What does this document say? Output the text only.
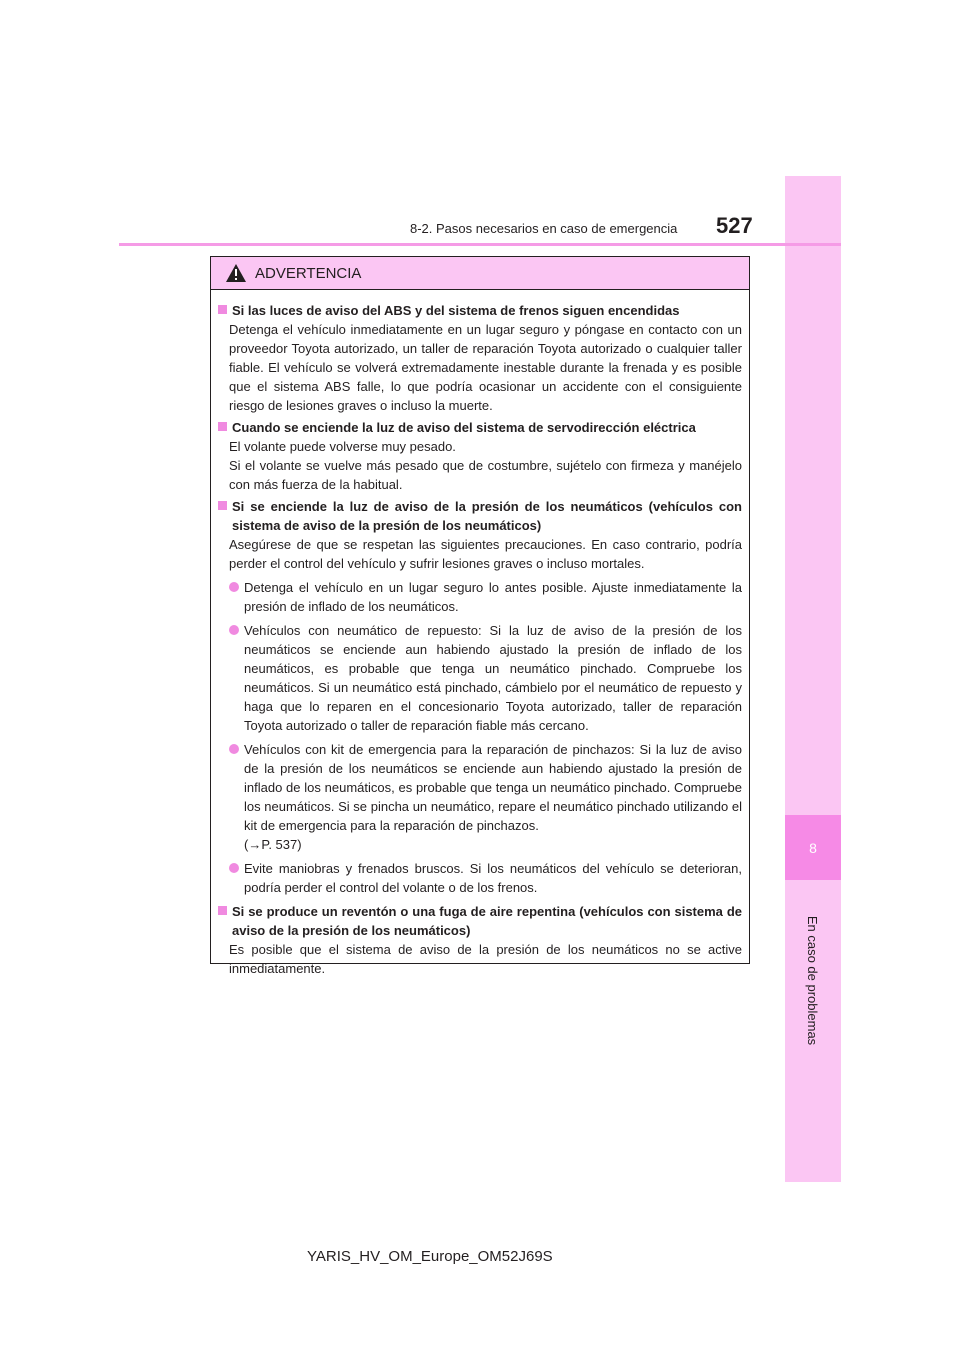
8
En caso de problemas
8-2. Pasos necesarios en caso de emergencia 527
ADVERTENCIA
Si las luces de aviso del ABS y del sistema de frenos siguen encendidas
Detenga el vehículo inmediatamente en un lugar seguro y póngase en contacto con un proveedor Toyota autorizado, un taller de reparación Toyota autorizado o cualquier taller fiable. El vehículo se volverá extremadamente inestable durante la frenada y es posible que el sistema ABS falle, lo que podría ocasionar un accidente con el consiguiente riesgo de lesiones graves o incluso la muerte.
Cuando se enciende la luz de aviso del sistema de servodirección eléctrica
El volante puede volverse muy pesado.
Si el volante se vuelve más pesado que de costumbre, sujételo con firmeza y manéjelo con más fuerza de la habitual.
Si se enciende la luz de aviso de la presión de los neumáticos (vehículos con sistema de aviso de la presión de los neumáticos)
Asegúrese de que se respetan las siguientes precauciones. En caso contrario, podría perder el control del vehículo y sufrir lesiones graves o incluso mortales.
Detenga el vehículo en un lugar seguro lo antes posible. Ajuste inmediatamente la presión de inflado de los neumáticos.
Vehículos con neumático de repuesto: Si la luz de aviso de la presión de los neumáticos se enciende aun habiendo ajustado la presión de inflado de los neumáticos, es probable que tenga un neumático pinchado. Compruebe los neumáticos. Si un neumático está pinchado, cámbielo por el neumático de repuesto y haga que lo reparen en el concesionario Toyota autorizado, taller de reparación Toyota autorizado o taller de reparación fiable más cercano.
Vehículos con kit de emergencia para la reparación de pinchazos: Si la luz de aviso de la presión de los neumáticos se enciende aun habiendo ajustado la presión de inflado de los neumáticos, es probable que tenga un neumático pinchado. Compruebe los neumáticos. Si se pincha un neumático, repare el neumático pinchado utilizando el kit de emergencia para la reparación de pinchazos.
(→P. 537)
Evite maniobras y frenados bruscos. Si los neumáticos del vehículo se deterioran, podría perder el control del volante o de los frenos.
Si se produce un reventón o una fuga de aire repentina (vehículos con sistema de aviso de la presión de los neumáticos)
Es posible que el sistema de aviso de la presión de los neumáticos no se active inmediatamente.
YARIS_HV_OM_Europe_OM52J69S
